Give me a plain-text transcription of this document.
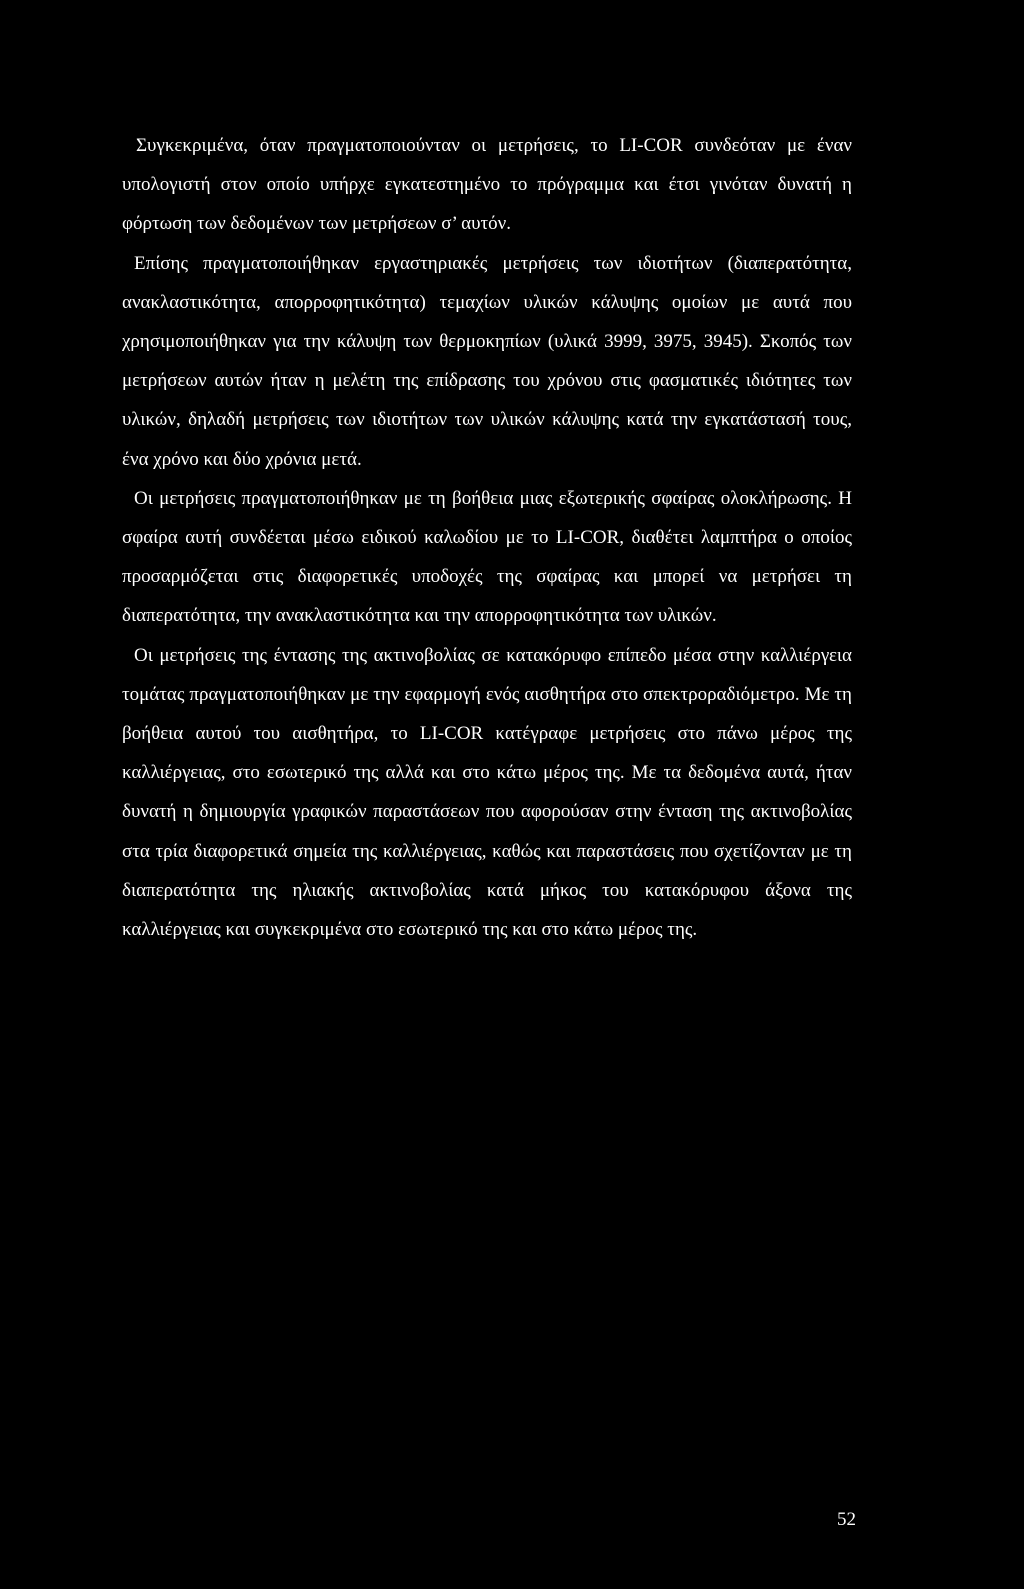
Συγκεκριμένα, όταν πραγματοποιούνταν οι μετρήσεις, το LI-COR συνδεόταν με έναν υπολογιστή στον οποίο υπήρχε εγκατεστημένο το πρόγραμμα και έτσι γινόταν δυνατή η φόρτωση των δεδομένων των μετρήσεων σ’ αυτόν.

Επίσης πραγματοποιήθηκαν εργαστηριακές μετρήσεις των ιδιοτήτων (διαπερατότητα, ανακλαστικότητα, απορροφητικότητα) τεμαχίων υλικών κάλυψης ομοίων με αυτά που χρησιμοποιήθηκαν για την κάλυψη των θερμοκηπίων (υλικά 3999, 3975, 3945). Σκοπός των μετρήσεων αυτών ήταν η μελέτη της επίδρασης του χρόνου στις φασματικές ιδιότητες των υλικών, δηλαδή μετρήσεις των ιδιοτήτων των υλικών κάλυψης κατά την εγκατάστασή τους, ένα χρόνο και δύο χρόνια μετά.

Οι μετρήσεις πραγματοποιήθηκαν με τη βοήθεια μιας εξωτερικής σφαίρας ολοκλήρωσης. Η σφαίρα αυτή συνδέεται μέσω ειδικού καλωδίου με το LI-COR, διαθέτει λαμπτήρα ο οποίος προσαρμόζεται στις διαφορετικές υποδοχές της σφαίρας και μπορεί να μετρήσει τη διαπερατότητα, την ανακλαστικότητα και την απορροφητικότητα των υλικών.

Οι μετρήσεις της έντασης της ακτινοβολίας σε κατακόρυφο επίπεδο μέσα στην καλλιέργεια τομάτας πραγματοποιήθηκαν με την εφαρμογή ενός αισθητήρα στο σπεκτροραδιόμετρο. Με τη βοήθεια αυτού του αισθητήρα, το LI-COR κατέγραφε μετρήσεις στο πάνω μέρος της καλλιέργειας, στο εσωτερικό της αλλά και στο κάτω μέρος της. Με τα δεδομένα αυτά, ήταν δυνατή η δημιουργία γραφικών παραστάσεων που αφορούσαν στην ένταση της ακτινοβολίας στα τρία διαφορετικά σημεία της καλλιέργειας, καθώς και παραστάσεις που σχετίζονταν με τη διαπερατότητα της ηλιακής ακτινοβολίας κατά μήκος του κατακόρυφου άξονα της καλλιέργειας και συγκεκριμένα στο εσωτερικό της και στο κάτω μέρος της.

52
